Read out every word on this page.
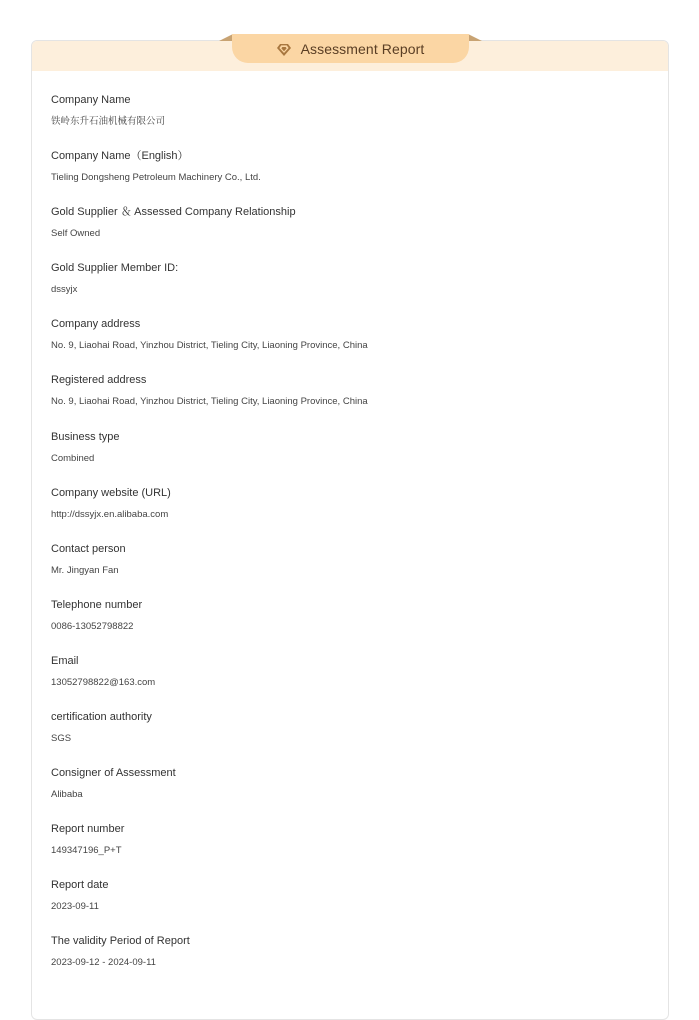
Assessment Report
Company Name
铁岭东升石油机械有限公司
Company Name（English）
Tieling Dongsheng Petroleum Machinery Co., Ltd.
Gold Supplier ＆ Assessed Company Relationship
Self Owned
Gold Supplier Member ID:
dssyjx
Company address
No. 9, Liaohai Road, Yinzhou District, Tieling City, Liaoning Province, China
Registered address
No. 9, Liaohai Road, Yinzhou District, Tieling City, Liaoning Province, China
Business type
Combined
Company website (URL)
http://dssyjx.en.alibaba.com
Contact person
Mr. Jingyan Fan
Telephone number
0086-13052798822
Email
13052798822@163.com
certification authority
SGS
Consigner of Assessment
Alibaba
Report number
149347196_P+T
Report date
2023-09-11
The validity Period of Report
2023-09-12 - 2024-09-11
